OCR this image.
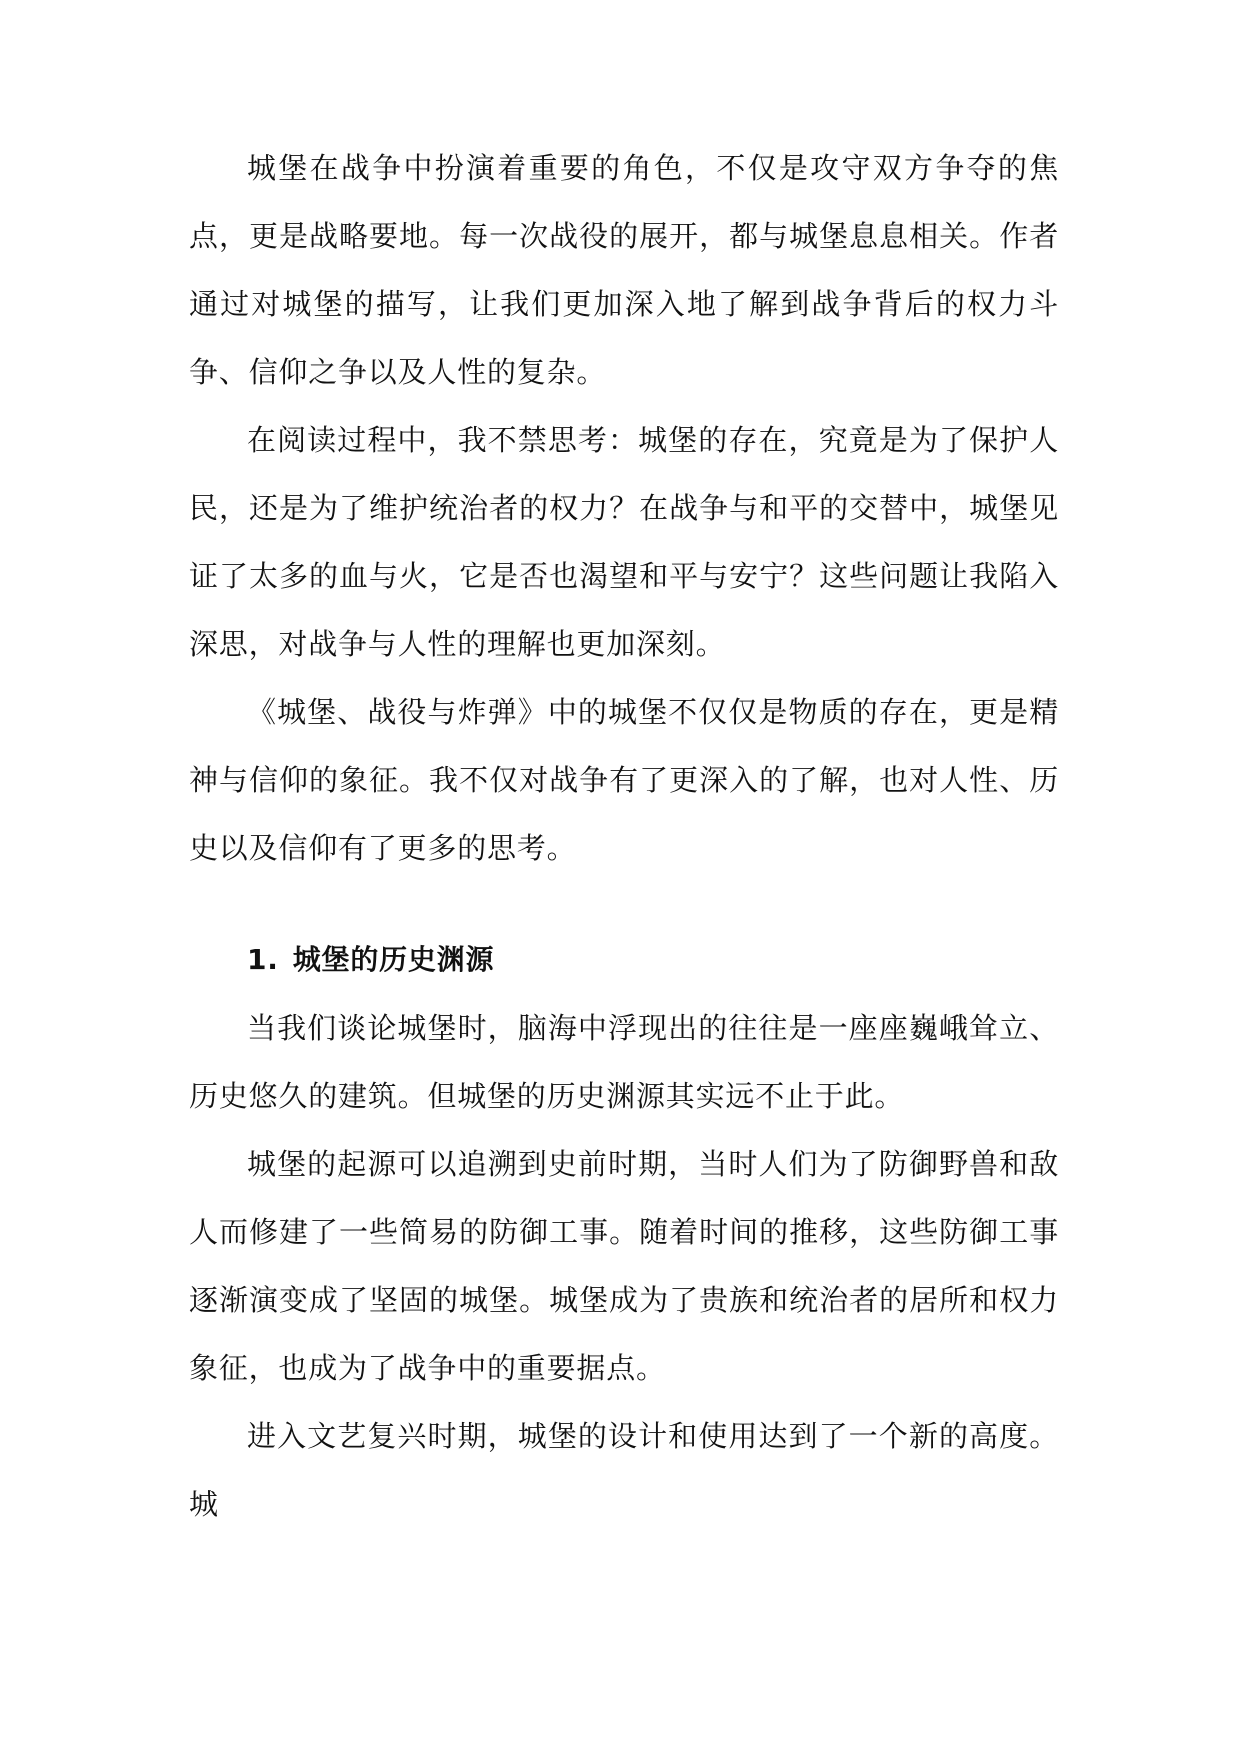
城堡在战争中扮演着重要的角色，不仅是攻守双方争夺的焦点，更是战略要地。每一次战役的展开，都与城堡息息相关。作者通过对城堡的描写，让我们更加深入地了解到战争背后的权力斗争、信仰之争以及人性的复杂。

在阅读过程中，我不禁思考：城堡的存在，究竟是为了保护人民，还是为了维护统治者的权力？在战争与和平的交替中，城堡见证了太多的血与火，它是否也渴望和平与安宁？这些问题让我陷入深思，对战争与人性的理解也更加深刻。

《城堡、战役与炸弹》中的城堡不仅仅是物质的存在，更是精神与信仰的象征。我不仅对战争有了更深入的了解，也对人性、历史以及信仰有了更多的思考。

1. 城堡的历史渊源

当我们谈论城堡时，脑海中浮现出的往往是一座座巍峨耸立、历史悠久的建筑。但城堡的历史渊源其实远不止于此。

城堡的起源可以追溯到史前时期，当时人们为了防御野兽和敌人而修建了一些简易的防御工事。随着时间的推移，这些防御工事逐渐演变成了坚固的城堡。城堡成为了贵族和统治者的居所和权力象征，也成为了战争中的重要据点。

进入文艺复兴时期，城堡的设计和使用达到了一个新的高度。城
